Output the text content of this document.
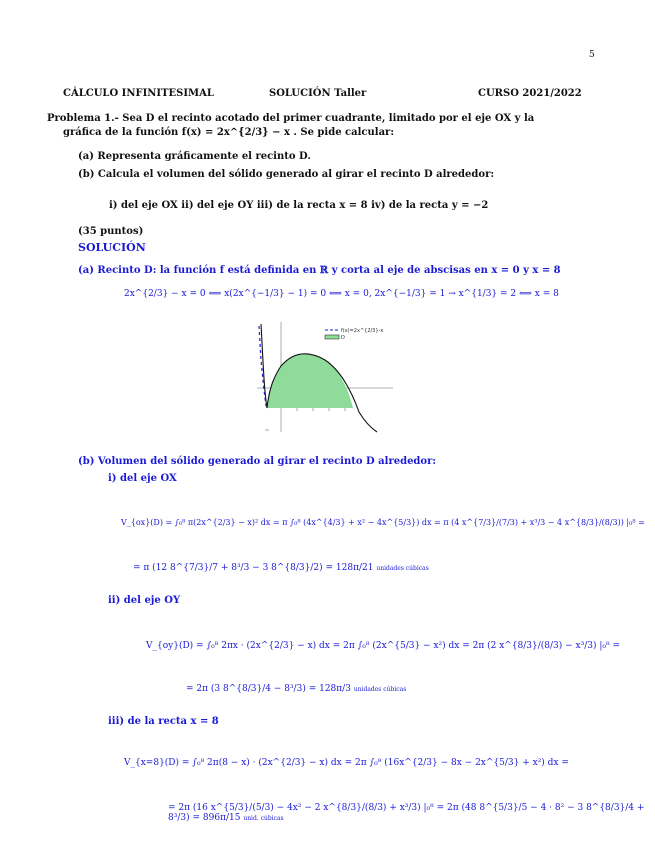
5
CÁLCULO INFINITESIMAL	SOLUCIÓN Taller	CURSO 2021/2022
Problema 1.- Sea D el recinto acotado del primer cuadrante, limitado por el eje OX y la
gráfica de la función f(x) = 2x^{2/3} − x . Se pide calcular:
(a) Representa gráficamente el recinto D.
(b) Calcula el volumen del sólido generado al girar el recinto D alrededor:
i) del eje OX ii) del eje OY iii) de la recta x = 8 iv) de la recta y = −2
(35 puntos)
SOLUCIÓN
(a) Recinto D: la función f está definida en ℝ y corta al eje de abscisas en x = 0 y x = 8
2x^{2/3} − x = 0 ⟺ x(2x^{−1/3} − 1) = 0 ⟺ x = 0, 2x^{−1/3} = 1 → x^{1/3} = 2 ⟺ x = 8
f(x)=2x^{2/3}-x
D
(b) Volumen del sólido generado al girar el recinto D alrededor:
i) del eje OX
V_{ox}(D) = ∫₀⁸ π(2x^{2/3} − x)² dx = π ∫₀⁸ (4x^{4/3} + x² − 4x^{5/3}) dx = π (4 x^{7/3}/(7/3) + x³/3 − 4 x^{8/3}/(8/3)) |₀⁸ =
= π (12 8^{7/3}/7 + 8³/3 − 3 8^{8/3}/2) = 128π/21 unidades cúbicas
ii) del eje OY
V_{oy}(D) = ∫₀⁸ 2πx · (2x^{2/3} − x) dx = 2π ∫₀⁸ (2x^{5/3} − x²) dx = 2π (2 x^{8/3}/(8/3) − x³/3) |₀⁸ =
= 2π (3 8^{8/3}/4 − 8³/3) = 128π/3 unidades cúbicas
iii) de la recta x = 8
V_{x=8}(D) = ∫₀⁸ 2π(8 − x) · (2x^{2/3} − x) dx = 2π ∫₀⁸ (16x^{2/3} − 8x − 2x^{5/3} + x²) dx =
= 2π (16 x^{5/3}/(5/3) − 4x² − 2 x^{8/3}/(8/3) + x³/3) |₀⁸ = 2π (48 8^{5/3}/5 − 4 · 8² − 3 8^{8/3}/4 + 8³/3) = 896π/15 unid. cúbicas
